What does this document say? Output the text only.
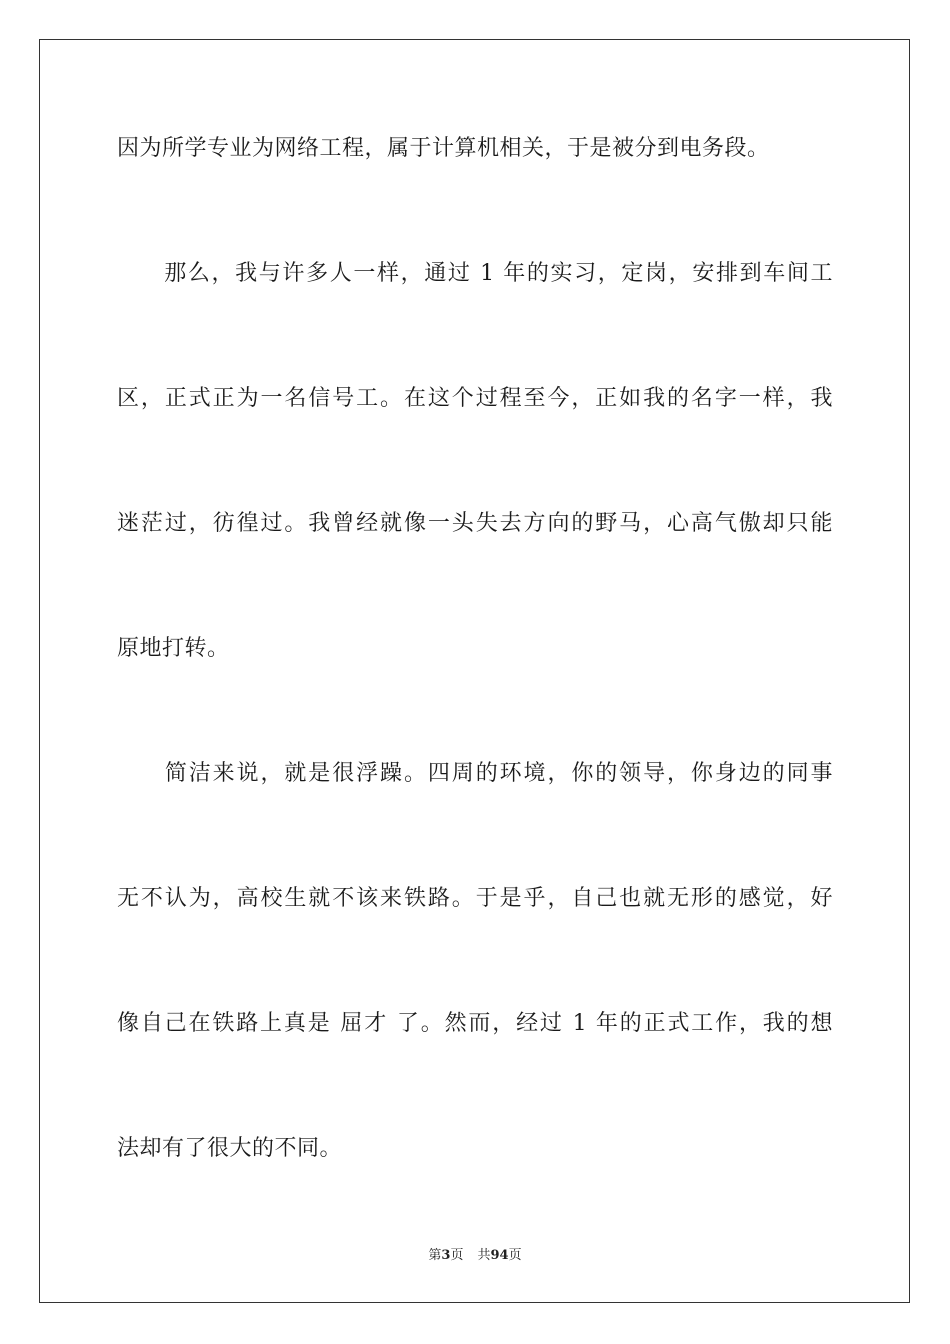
因为所学专业为网络工程，属于计算机相关，于是被分到电务段。
　　那么，我与许多人一样，通过 1 年的实习，定岗，安排到车间工
区，正式正为一名信号工。在这个过程至今，正如我的名字一样，我
迷茫过，彷徨过。我曾经就像一头失去方向的野马，心高气傲却只能
原地打转。
　　简洁来说，就是很浮躁。四周的环境，你的领导，你身边的同事
无不认为，高校生就不该来铁路。于是乎，自己也就无形的感觉，好
像自己在铁路上真是 屈才 了。然而，经过 1 年的正式工作，我的想
法却有了很大的不同。
第3页 共94页
